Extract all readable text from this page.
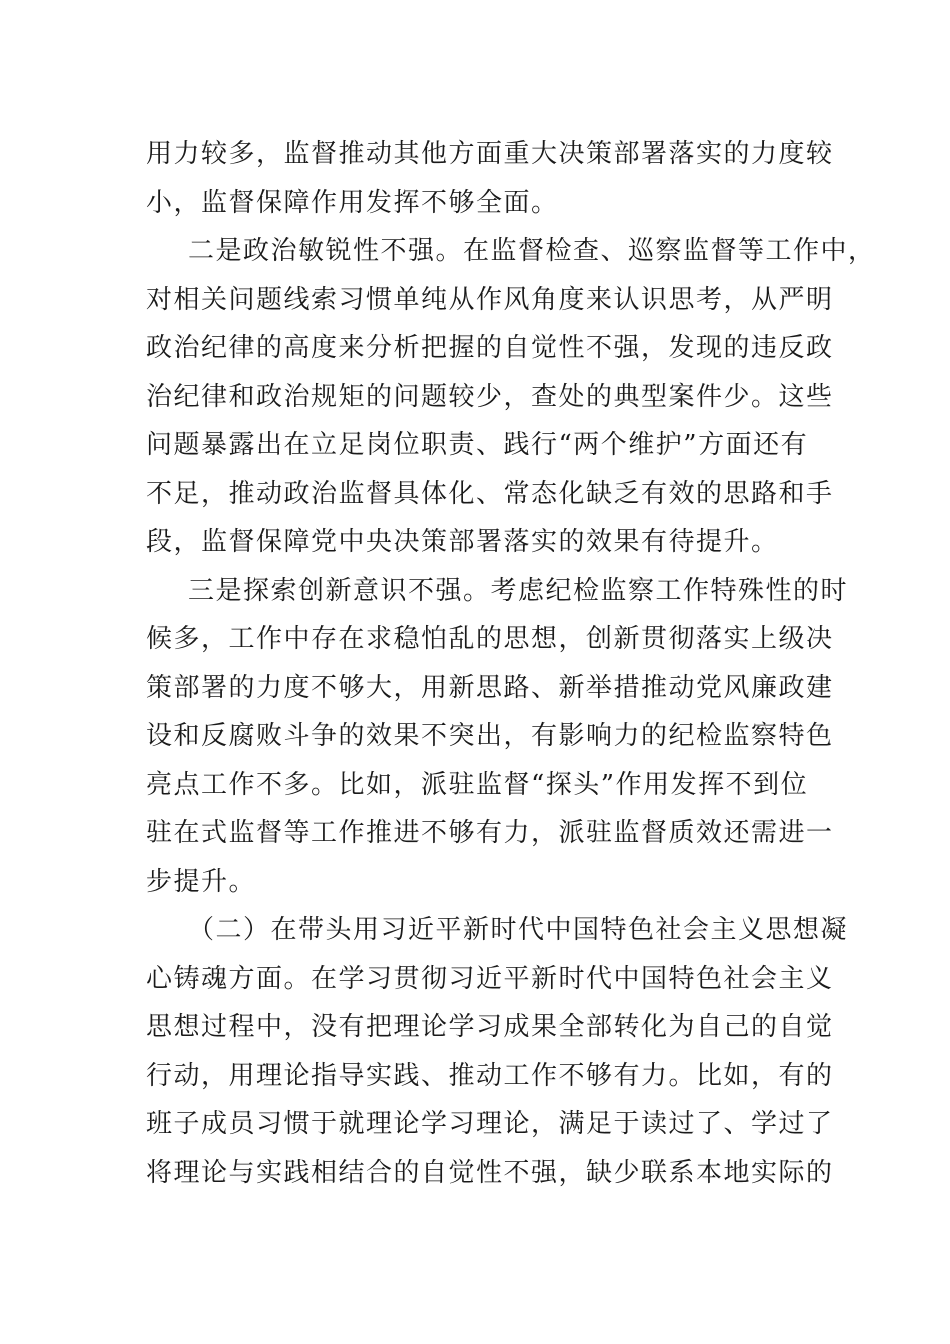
用力较多，监督推动其他方面重大决策部署落实的力度较
小，监督保障作用发挥不够全面。
二是政治敏锐性不强。在监督检查、巡察监督等工作中，
对相关问题线索习惯单纯从作风角度来认识思考，从严明
政治纪律的高度来分析把握的自觉性不强，发现的违反政
治纪律和政治规矩的问题较少，查处的典型案件少。这些
问题暴露出在立足岗位职责、践行“两个维护”方面还有
不足，推动政治监督具体化、常态化缺乏有效的思路和手
段，监督保障党中央决策部署落实的效果有待提升。
三是探索创新意识不强。考虑纪检监察工作特殊性的时
候多，工作中存在求稳怕乱的思想，创新贯彻落实上级决
策部署的力度不够大，用新思路、新举措推动党风廉政建
设和反腐败斗争的效果不突出，有影响力的纪检监察特色
亮点工作不多。比如，派驻监督“探头”作用发挥不到位
驻在式监督等工作推进不够有力，派驻监督质效还需进一
步提升。
（二）在带头用习近平新时代中国特色社会主义思想凝
心铸魂方面。在学习贯彻习近平新时代中国特色社会主义
思想过程中，没有把理论学习成果全部转化为自己的自觉
行动，用理论指导实践、推动工作不够有力。比如，有的
班子成员习惯于就理论学习理论，满足于读过了、学过了
将理论与实践相结合的自觉性不强，缺少联系本地实际的
